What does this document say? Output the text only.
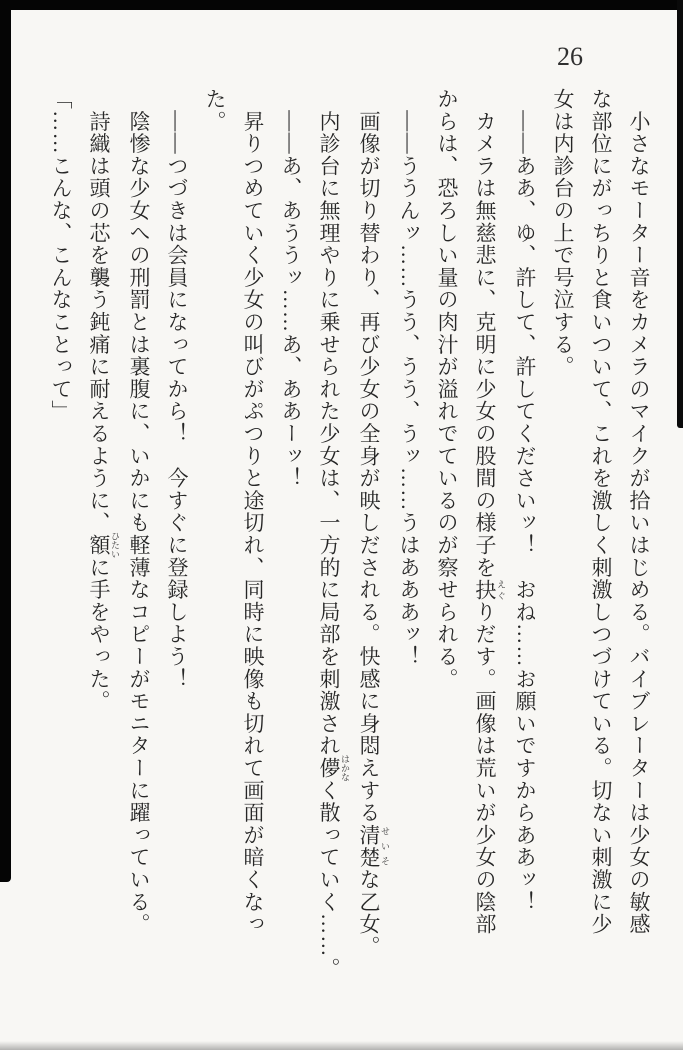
26

　小さなモーター音をカメラのマイクが拾いはじめる。バイブレーターは少女の敏感

な部位にがっちりと食いついて、これを激しく刺激しつづけている。切ない刺激に少

女は内診台の上で号泣する。

　――ああ、ゆ、許して、許してくださいッ！　おね……お願いですからああッ！

　カメラは無慈悲に、克明に少女の股間の様子を抉 えぐりだす。画像は荒いが少女の陰部

からは、恐ろしい量の肉汁が溢れでているのが察せられる。

　――ううんッ……うう、うう、うッ……うはあああッ！

　画像が切り替わり、再び少女の全身が映しだされる。快感に身悶えする清楚 せいそな乙女。

　内診台に無理やりに乗せられた少女は、一方的に局部を刺激され儚 はかなく散っていく……。

　――あ、あううッ……あ、ああーッ！

　昇りつめていく少女の叫びがぷつりと途切れ、同時に映像も切れて画面が暗くなっ

た。

　――つづきは会員になってから！　今すぐに登録しよう！

　陰惨な少女への刑罰とは裏腹に、いかにも軽薄なコピーがモニターに躍っている。

　詩織は頭の芯を襲う鈍痛に耐えるように、額 ひたいに手をやった。

「……こんな、こんなことって」
